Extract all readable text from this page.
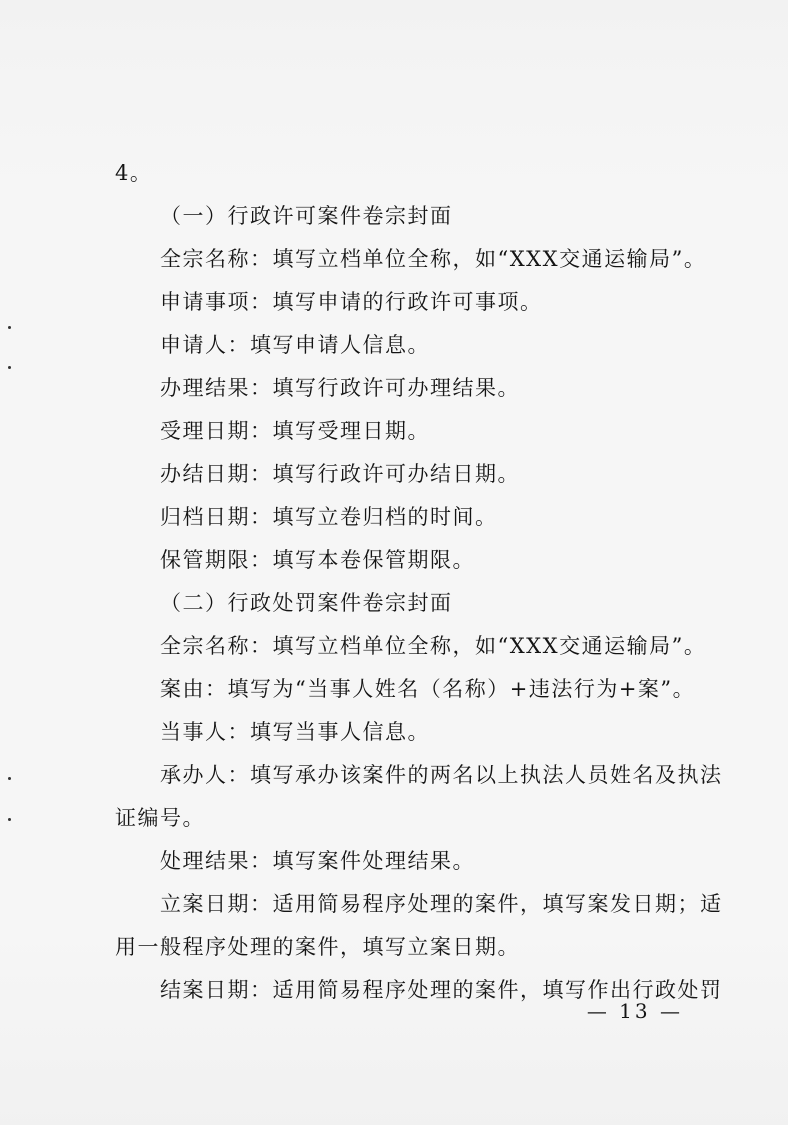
4。
（一）行政许可案件卷宗封面
全宗名称：填写立档单位全称，如“XXX交通运输局”。
申请事项：填写申请的行政许可事项。
申请人：填写申请人信息。
办理结果：填写行政许可办理结果。
受理日期：填写受理日期。
办结日期：填写行政许可办结日期。
归档日期：填写立卷归档的时间。
保管期限：填写本卷保管期限。
（二）行政处罚案件卷宗封面
全宗名称：填写立档单位全称，如“XXX交通运输局”。
案由：填写为“当事人姓名（名称）+违法行为+案”。
当事人：填写当事人信息。
承办人：填写承办该案件的两名以上执法人员姓名及执法
证编号。
处理结果：填写案件处理结果。
立案日期：适用简易程序处理的案件，填写案发日期；适
用一般程序处理的案件，填写立案日期。
结案日期：适用简易程序处理的案件，填写作出行政处罚
— 13 —
